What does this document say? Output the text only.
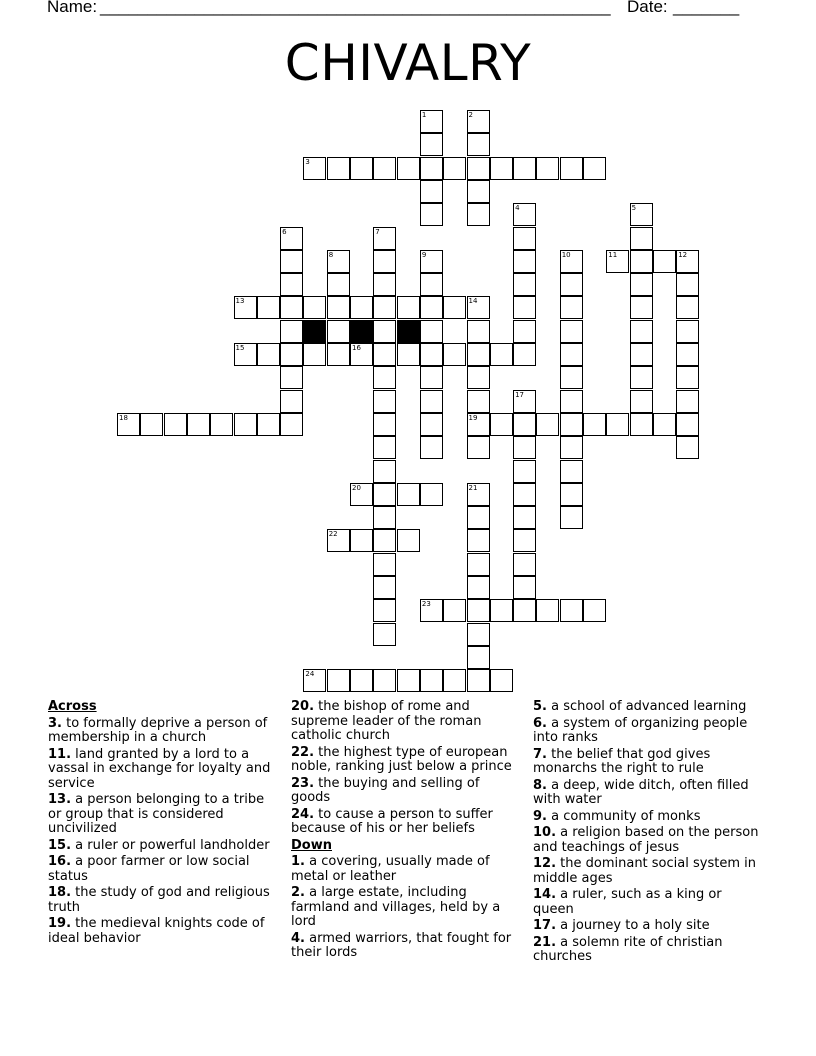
Name: ______________________________________________________ Date: _______
CHIVALRY
1	2
3
4	5
6	7
8	9	10	11	12
13	14
15	16
17
18	19
20	21
22
23
24
Across
3. to formally deprive a person of membership in a church
11. land granted by a lord to a vassal in exchange for loyalty and service
13. a person belonging to a tribe or group that is considered uncivilized
15. a ruler or powerful landholder
16. a poor farmer or low social status
18. the study of god and religious truth
19. the medieval knights code of ideal behavior
20. the bishop of rome and supreme leader of the roman catholic church
22. the highest type of european noble, ranking just below a prince
23. the buying and selling of goods
24. to cause a person to suffer because of his or her beliefs
Down
1. a covering, usually made of metal or leather
2. a large estate, including farmland and villages, held by a lord
4. armed warriors, that fought for their lords
5. a school of advanced learning
6. a system of organizing people into ranks
7. the belief that god gives monarchs the right to rule
8. a deep, wide ditch, often filled with water
9. a community of monks
10. a religion based on the person and teachings of jesus
12. the dominant social system in middle ages
14. a ruler, such as a king or queen
17. a journey to a holy site
21. a solemn rite of christian churches
